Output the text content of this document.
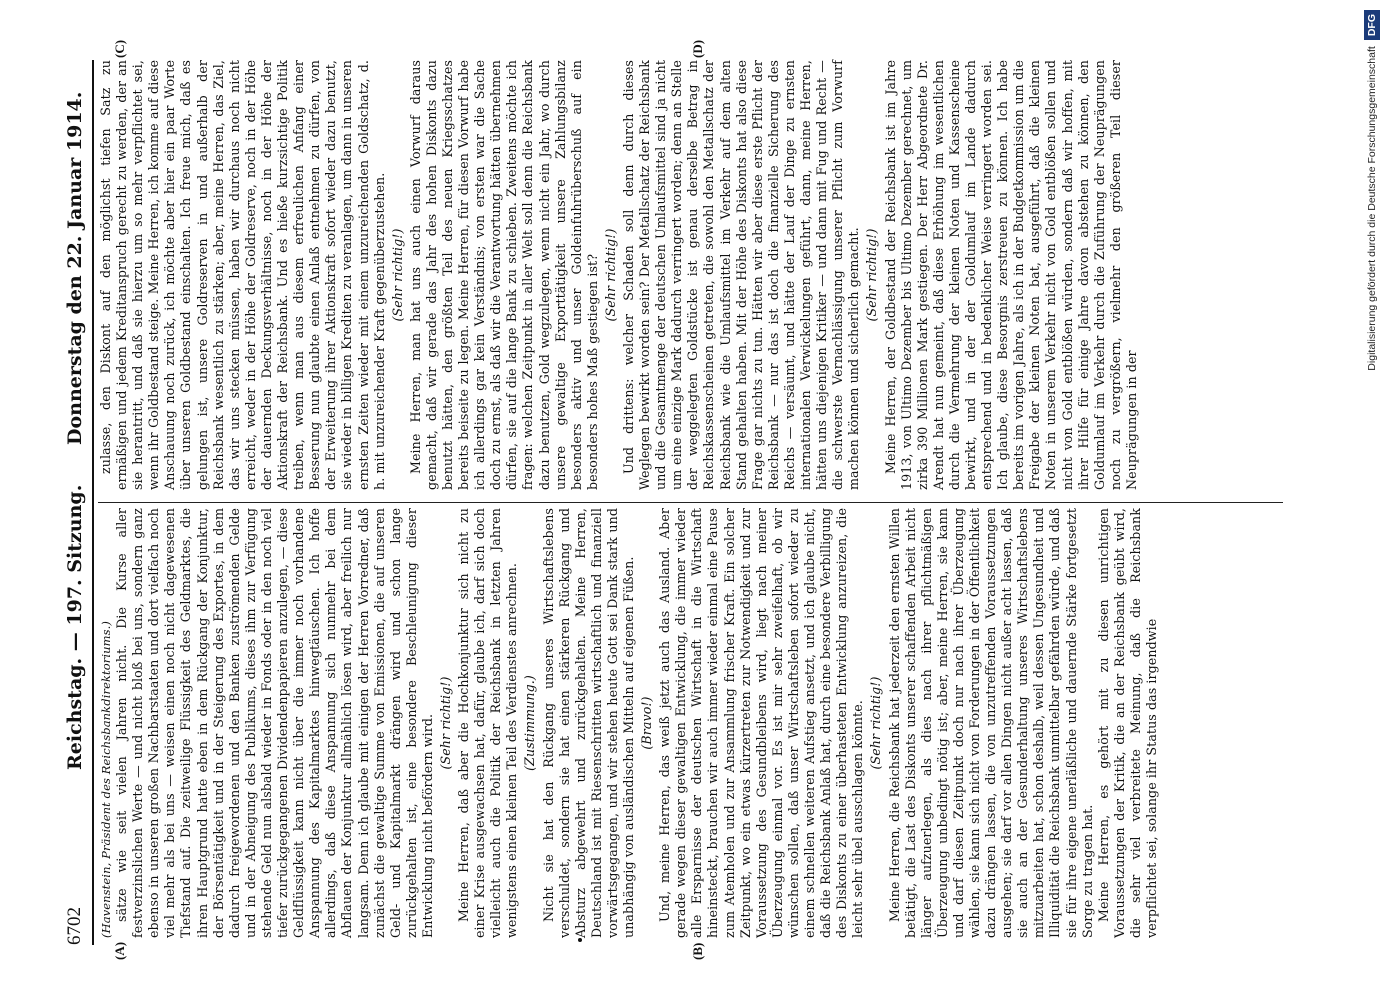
6702
Reichstag. — 197. Sitzung.
Donnerstag den 22. Januar 1914.
(A)	(B)
(C)	(D)

(Havenstein, Präsident des Reichsbankdirektoriums.) sätze wie seit vielen Jahren nicht. Die Kurse aller festverzinslichen Werte — und nicht bloß bei uns, sondern ganz ebenso in unseren großen Nachbarstaaten und dort vielfach noch viel mehr als bei uns — weisen einen noch nicht dagewesenen Tiefstand auf. Die zeitweilige Flüssigkeit des Geldmarktes, die ihren Hauptgrund hatte eben in dem Rückgang der Konjunktur, der Börsentätigkeit und in der Steigerung des Exportes, in dem dadurch freigewordenen und den Banken zuströmenden Gelde und in der Abneigung des Publikums, dieses ihm zur Verfügung stehende Geld nun alsbald wieder in Fonds oder in den noch viel tiefer zurückgegangenen Dividendenpapieren anzulegen, — diese Geldflüssigkeit kann nicht über die immer noch vorhandene Anspannung des Kapitalmarktes hinwegtäuschen. Ich hoffe allerdings, daß diese Anspannung sich nunmehr bei dem Abflauen der Konjunktur allmählich lösen wird, aber freilich nur langsam. Denn ich glaube mit einigen der Herren Vorredner, daß zunächst die gewaltige Summe von Emissionen, die auf unseren Geld- und Kapitalmarkt drängen wird und schon lange zurückgehalten ist, eine besondere Beschleunigung dieser Entwicklung nicht befördern wird. (Sehr richtig!) Meine Herren, daß aber die Hochkonjunktur sich nicht zu einer Krise ausgewachsen hat, dafür, glaube ich, darf sich doch vielleicht auch die Politik der Reichsbank in letzten Jahren wenigstens einen kleinen Teil des Verdienstes anrechnen. (Zustimmung.) Nicht sie hat den Rückgang unseres Wirtschaftslebens verschuldet, sondern sie hat einen stärkeren Rückgang und Absturz abgewehrt und zurückgehalten. Meine Herren, Deutschland ist mit Riesenschritten wirtschaftlich und finanziell vorwärtsgegangen, und wir stehen heute Gott sei Dank stark und unabhängig von ausländischen Mitteln auf eigenen Füßen. (Bravo!) Und, meine Herren, das weiß jetzt auch das Ausland. Aber gerade wegen dieser gewaltigen Entwicklung, die immer wieder alle Ersparnisse der deutschen Wirtschaft in die Wirtschaft hineinsteckt, brauchen wir auch immer wieder einmal eine Pause zum Atemholen und zur Ansammlung frischer Kraft. Ein solcher Zeitpunkt, wo ein etwas kürzertreten zur Notwendigkeit und zur Voraussetzung des Gesundbleibens wird, liegt nach meiner Überzeugung einmal vor. Es ist mir sehr zweifelhaft, ob wir wünschen sollen, daß unser Wirtschaftsleben sofort wieder zu einem schnellen weiteren Aufstieg ansetzt, und ich glaube nicht, daß die Reichsbank Anlaß hat, durch eine besondere Verbilligung des Diskonts zu einer überhasteten Entwicklung anzureizen, die leicht sehr übel ausschlagen könnte. (Sehr richtig!) Meine Herren, die Reichsbank hat jederzeit den ernsten Willen betätigt, die Last des Diskonts unserer schaffenden Arbeit nicht länger aufzuerlegen, als dies nach ihrer pflichtmäßigen Überzeugung unbedingt nötig ist; aber, meine Herren, sie kann und darf diesen Zeitpunkt doch nur nach ihrer Überzeugung wählen, sie kann sich nicht von Forderungen in der Öffentlichkeit dazu drängen lassen, die von unzutreffenden Voraussetzungen ausgehen; sie darf vor allen Dingen nicht außer acht lassen, daß sie auch an der Gesunderhaltung unseres Wirtschaftslebens mitzuarbeiten hat, schon deshalb, weil dessen Ungesundheit und Illiquidität die Reichsbank unmittelbar gefährden würde, und daß sie für ihre eigene unerläßliche und dauernde Stärke fortgesetzt Sorge zu tragen hat. Meine Herren, es gehört mit zu diesen unrichtigen Voraussetzungen der Kritik, die an der Reichsbank geübt wird, die sehr viel verbreitete Meinung, daß die Reichsbank verpflichtet sei, solange ihr Status das irgendwie

zulasse, den Diskont auf den möglichst tiefen Satz zu ermäßigen und jedem Kreditanspruch gerecht zu werden, der an sie herantritt, und daß sie hierzu um so mehr verpflichtet sei, wenn ihr Goldbestand steige. Meine Herren, ich komme auf diese Anschauung noch zurück, ich möchte aber hier ein paar Worte über unseren Goldbestand einschalten. Ich freue mich, daß es gelungen ist, unsere Goldreserven in und außerhalb der Reichsbank wesentlich zu stärken; aber, meine Herren, das Ziel, das wir uns stecken müssen, haben wir durchaus noch nicht erreicht, weder in der Höhe der Goldreserve, noch in der Höhe der dauernden Deckungsverhältnisse, noch in der Höhe der Aktionskraft der Reichsbank. Und es hieße kurzsichtige Politik treiben, wenn man aus diesem erfreulichen Anfang einer Besserung nun glaubte einen Anlaß entnehmen zu dürfen, von der Erweiterung ihrer Aktionskraft sofort wieder dazu benutzt, sie wieder in billigen Krediten zu veranlagen, um dann in unseren ernsten Zeiten wieder mit einem unzureichenden Goldschatz, d. h. mit unzureichender Kraft gegenüberzustehen. (Sehr richtig!) Meine Herren, man hat uns auch einen Vorwurf daraus gemacht, daß wir gerade das Jahr des hohen Diskonts dazu benutzt hätten, den größten Teil des neuen Kriegsschatzes bereits beiseite zu legen. Meine Herren, für diesen Vorwurf habe ich allerdings gar kein Verständnis; von ersten war die Sache doch zu ernst, als daß wir die Verantwortung hätten übernehmen dürfen, sie auf die lange Bank zu schieben. Zweitens möchte ich fragen: welchen Zeitpunkt in aller Welt soll denn die Reichsbank dazu benutzen, Gold wegzulegen, wenn nicht ein Jahr, wo durch unsere gewaltige Exporttätigkeit unsere Zahlungsbilanz besonders aktiv und unser Goldeinfuhrüberschuß auf ein besonders hohes Maß gestiegen ist? (Sehr richtig!) Und drittens: welcher Schaden soll denn durch dieses Weglegen bewirkt worden sein? Der Metallschatz der Reichsbank und die Gesamtmenge der deutschen Umlaufsmittel sind ja nicht um eine einzige Mark dadurch verringert worden; denn an Stelle der weggelegten Goldstücke ist genau derselbe Betrag in Reichskassenscheinen getreten, die sowohl den Metallschatz der Reichsbank wie die Umlaufsmittel im Verkehr auf dem alten Stand gehalten haben. Mit der Höhe des Diskonts hat also diese Frage gar nichts zu tun. Hätten wir aber diese erste Pflicht der Reichsbank — nur das ist doch die finanzielle Sicherung des Reichs — versäumt, und hätte der Lauf der Dinge zu ernsten internationalen Verwickelungen geführt, dann, meine Herren, hätten uns diejenigen Kritiker — und dann mit Fug und Recht — die schwerste Vernachlässigung unserer Pflicht zum Vorwurf machen können und sicherlich gemacht. (Sehr richtig!) Meine Herren, der Goldbestand der Reichsbank ist im Jahre 1913, von Ultimo Dezember bis Ultimo Dezember gerechnet, um zirka 390 Millionen Mark gestiegen. Der Herr Abgeordnete Dr. Arendt hat nun gemeint, daß diese Erhöhung im wesentlichen durch die Vermehrung der kleinen Noten und Kassenscheine bewirkt, und in der der Goldumlauf im Lande dadurch entsprechend und in bedenklicher Weise verringert worden sei. Ich glaube, diese Besorgnis zerstreuen zu können. Ich habe bereits im vorigen Jahre, als ich in der Budgetkommission um die Freigabe der kleinen Noten bat, ausgeführt, daß die kleinen Noten in unserem Verkehr nicht von Gold entblößen sollen und nicht von Gold entblößen würden, sondern daß wir hoffen, mit ihrer Hilfe für einige Jahre davon abstehen zu können, den Goldumlauf im Verkehr durch die Zuführung der Neuprägungen noch zu vergrößern, vielmehr den größeren Teil dieser Neuprägungen in der

Digitalisierung gefördert durch die Deutsche ForschungsgemeinschaftDFG
